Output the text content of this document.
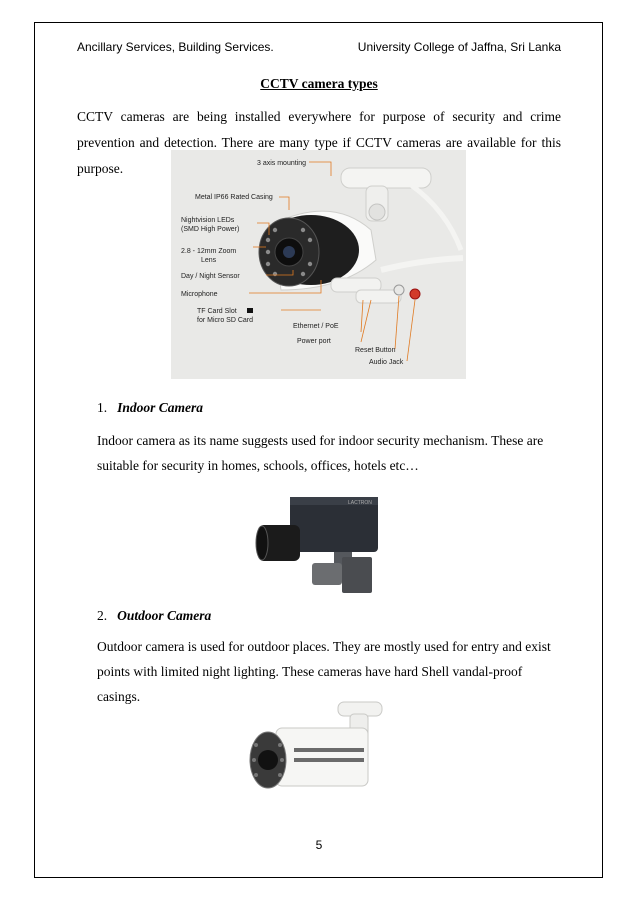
Ancillary Services, Building Services.	University College of Jaffna, Sri Lanka
CCTV camera types
CCTV cameras are being installed everywhere for purpose of security and crime prevention and detection. There are many type if CCTV cameras are available for this purpose.	3 axis mounting
Metal IP66 Rated Casing
Nightvision LEDs
(SMD High Power)
2.8 - 12mm Zoom
Lens
Day / Night Sensor
Microphone
TF Card Slot
for Micro SD Card
Ethernet / PoE
Power port
Reset Button
Audio Jack
1. Indoor Camera
Indoor camera as its name suggests used for indoor security mechanism. These are suitable for security in homes, schools, offices, hotels etc…
LACTRON
2. Outdoor Camera
Outdoor camera is used for outdoor places. They are mostly used for entry and exist points with limited night lighting. These cameras have hard Shell vandal-proof casings.
5
